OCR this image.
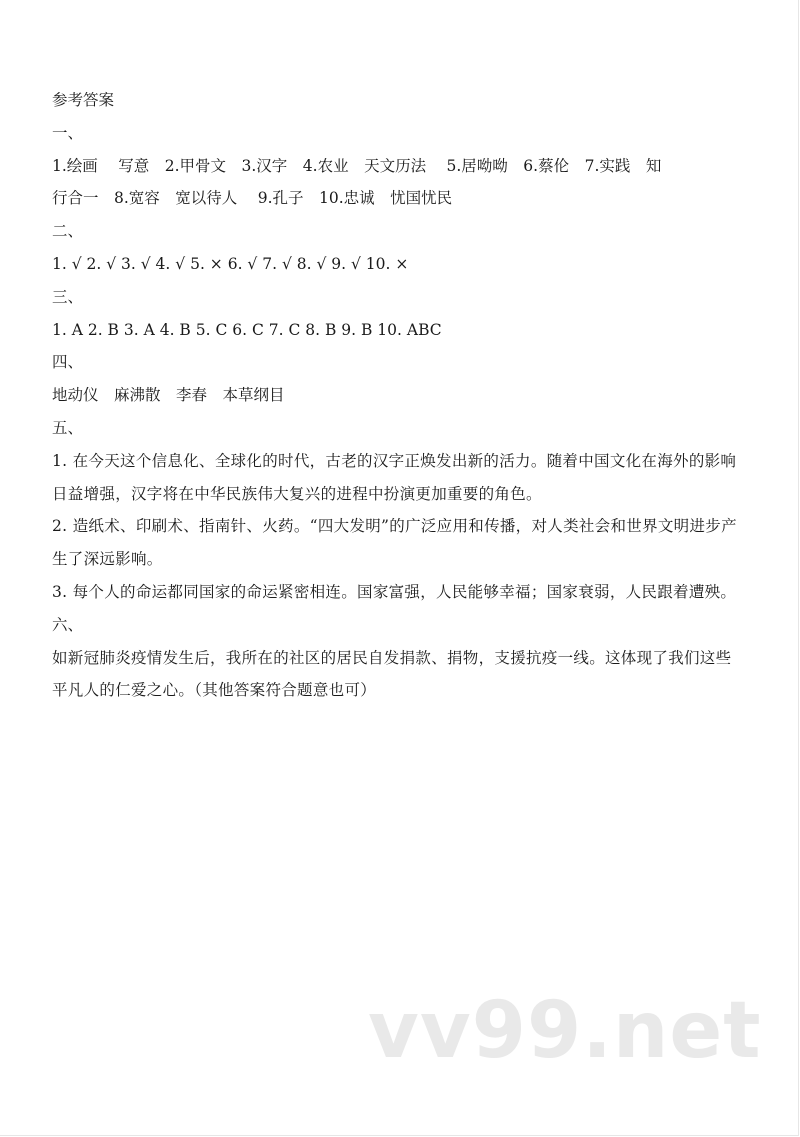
参考答案
一、
1.绘画　 写意　2.甲骨文　3.汉字　4.农业　天文历法　 5.居呦呦　6.蔡伦　7.实践　知
行合一　8.宽容　宽以待人　 9.孔子　10.忠诚　忧国忧民
二、
1. √ 2. √ 3. √ 4. √ 5. × 6. √ 7. √ 8. √ 9. √ 10. ×
三、
1. A 2. B 3. A 4. B 5. C 6. C 7. C 8. B 9. B 10. ABC
四、
地动仪　麻沸散　李春　本草纲目
五、
1. 在今天这个信息化、全球化的时代，古老的汉字正焕发出新的活力。随着中国文化在海外的影响日益增强，汉字将在中华民族伟大复兴的进程中扮演更加重要的角色。
2. 造纸术、印刷术、指南针、火药。“四大发明”的广泛应用和传播，对人类社会和世界文明进步产生了深远影响。
3. 每个人的命运都同国家的命运紧密相连。国家富强，人民能够幸福；国家衰弱，人民跟着遭殃。
六、
如新冠肺炎疫情发生后，我所在的社区的居民自发捐款、捐物，支援抗疫一线。这体现了我们这些平凡人的仁爱之心。（其他答案符合题意也可）
vv99.net
